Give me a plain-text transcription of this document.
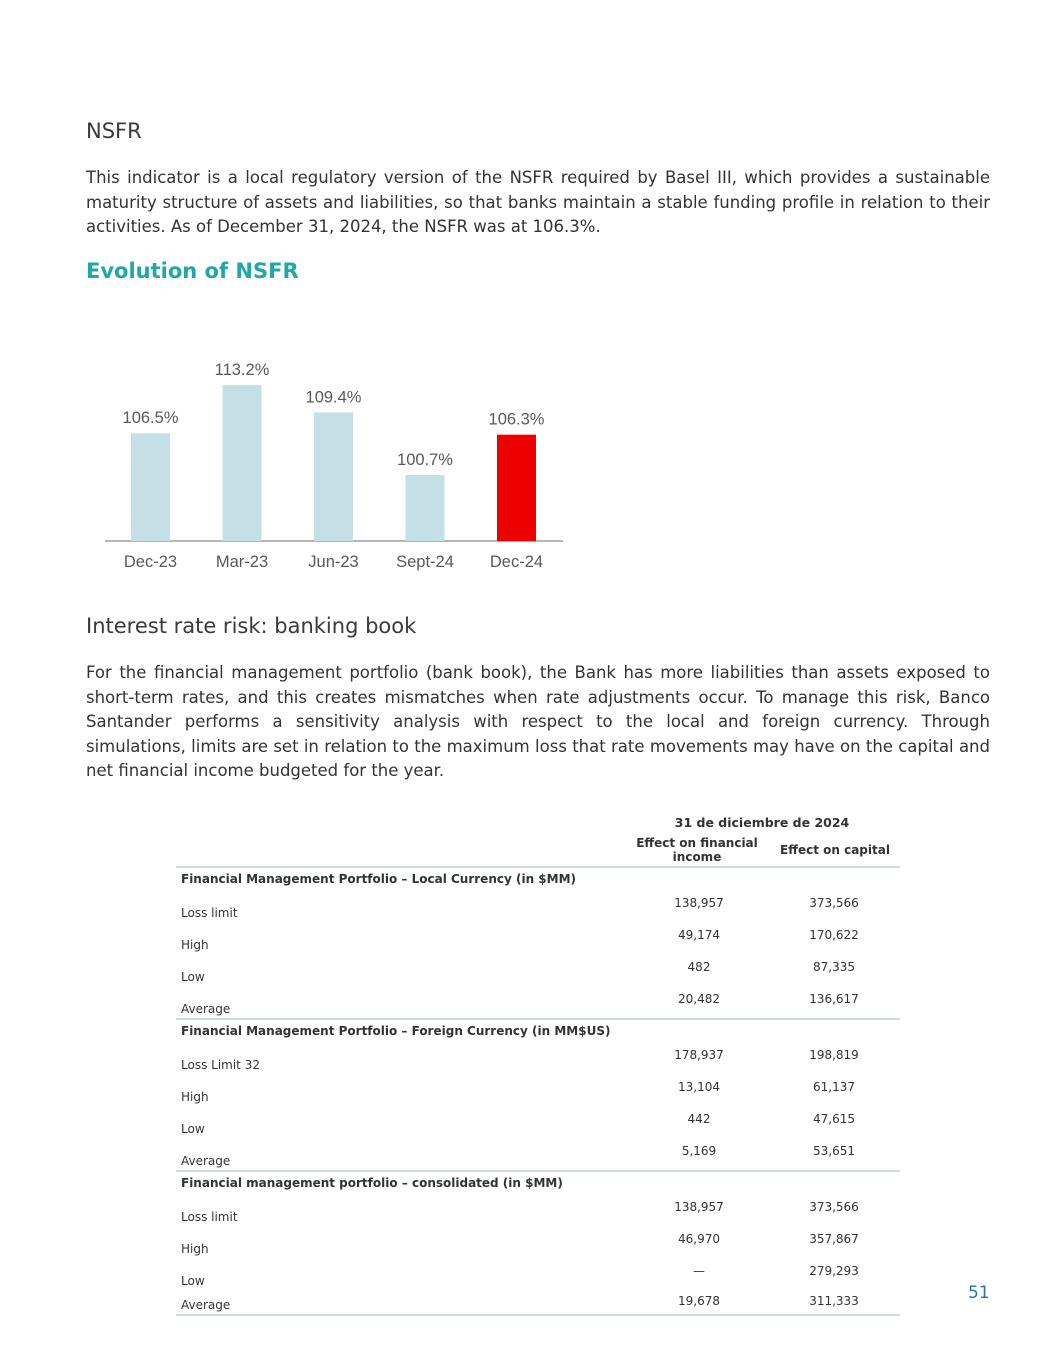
NSFR

This indicator is a local regulatory version of the NSFR required by Basel III, which provides a sustainable maturity structure of assets and liabilities, so that banks maintain a stable funding profile in relation to their activities. As of December 31, 2024, the NSFR was at 106.3%.

Evolution of NSFR
106.5%
Dec-23
113.2%
Mar-23
109.4%
Jun-23
100.7%
Sept-24
106.3%
Dec-24
Interest rate risk: banking book

For the financial management portfolio (bank book), the Bank has more liabilities than assets exposed to short-term rates, and this creates mismatches when rate adjustments occur. To manage this risk, Banco Santander performs a sensitivity analysis with respect to the local and foreign currency. Through simulations, limits are set in relation to the maximum loss that rate movements may have on the capital and net financial income budgeted for the year.

31 de diciembre de 2024
Effect on financial income	Effect on capital
Financial Management Portfolio – Local Currency (in $MM)		
Loss limit	138,957	373,566
High	49,174	170,622
Low	482	87,335
Average	20,482	136,617
Financial Management Portfolio – Foreign Currency (in MM$US)		
Loss Limit 32	178,937	198,819
High	13,104	61,137
Low	442	47,615
Average	5,169	53,651
Financial management portfolio – consolidated (in $MM)		
Loss limit	138,957	373,566
High	46,970	357,867
Low	—	279,293
Average	19,678	311,333	51
